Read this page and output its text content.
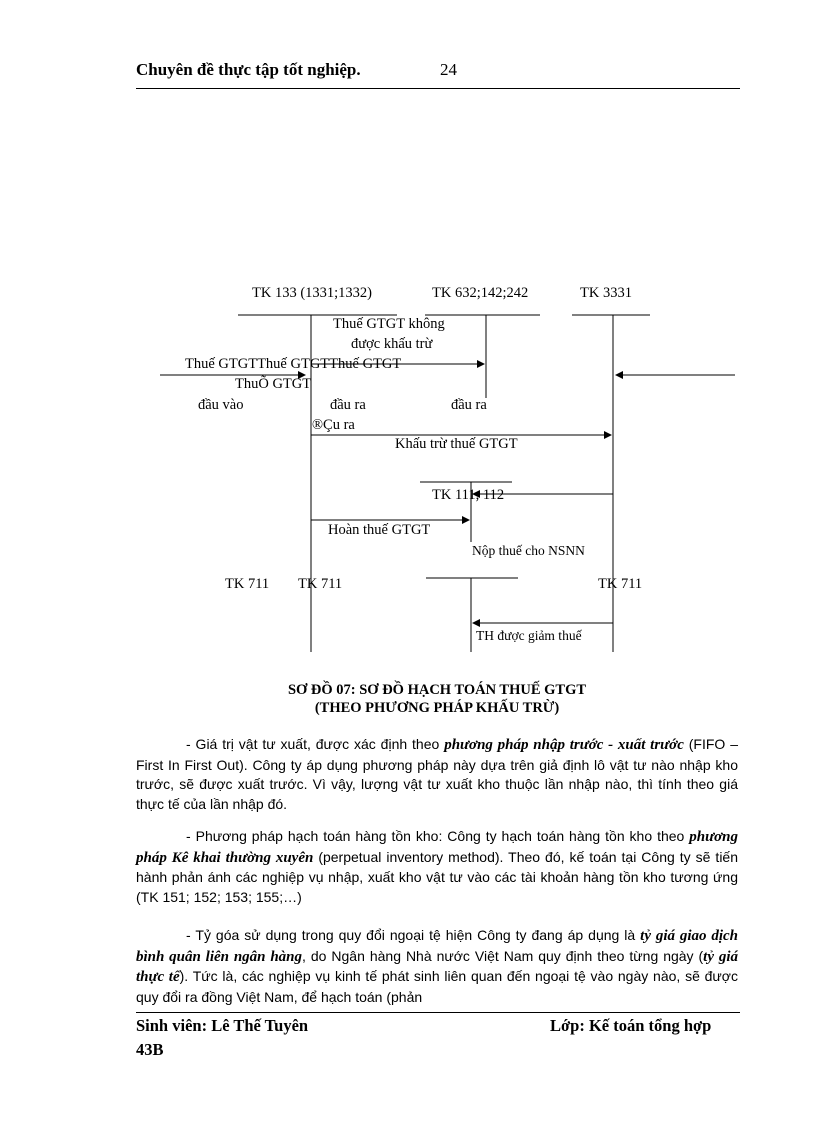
Chuyên đề thực tập tốt nghiệp.	24
TK 133 (1331;1332)	TK 632;142;242	TK 3331
Thuế GTGT không
được khấu trừ
Thuế GTGTThuế GTGTThuế GTGT
ThuÕ GTGT
đầu vào	đầu ra	đầu ra
®Çu ra
Khấu trừ thuế GTGT
TK 111, 112
Hoàn thuế GTGT
Nộp thuế cho NSNN
TK 711 TK 711	TK 711
TH được giảm thuế
SƠ ĐỒ 07: SƠ ĐỒ HẠCH TOÁN THUẾ GTGT
(THEO PHƯƠNG PHÁP KHẤU TRỪ)
- Giá trị vật tư xuất, được xác định theo phương pháp nhập trước - xuất trước (FIFO – First In First Out). Công ty áp dụng phương pháp này dựa trên giả định lô vật tư nào nhập kho trước, sẽ được xuất trước. Vì vậy, lượng vật tư xuất kho thuộc lần nhập nào, thì tính theo giá thực tế của lần nhập đó.
- Phương pháp hạch toán hàng tồn kho: Công ty hạch toán hàng tồn kho theo phương pháp Kê khai thường xuyên (perpetual inventory method). Theo đó, kế toán tại Công ty sẽ tiến hành phản ánh các nghiệp vụ nhập, xuất kho vật tư vào các tài khoản hàng tồn kho tương ứng (TK 151; 152; 153; 155;…)
- Tỷ góa sử dụng trong quy đổi ngoại tệ hiện Công ty đang áp dụng là tỷ giá giao dịch bình quân liên ngân hàng, do Ngân hàng Nhà nước Việt Nam quy định theo từng ngày (tỷ giá thực tế). Tức là, các nghiệp vụ kinh tế phát sinh liên quan đến ngoại tệ vào ngày nào, sẽ được quy đổi ra đồng Việt Nam, để hạch toán (phản
Sinh viên: Lê Thế Tuyên	Lớp: Kế toán tổng hợp
43B
